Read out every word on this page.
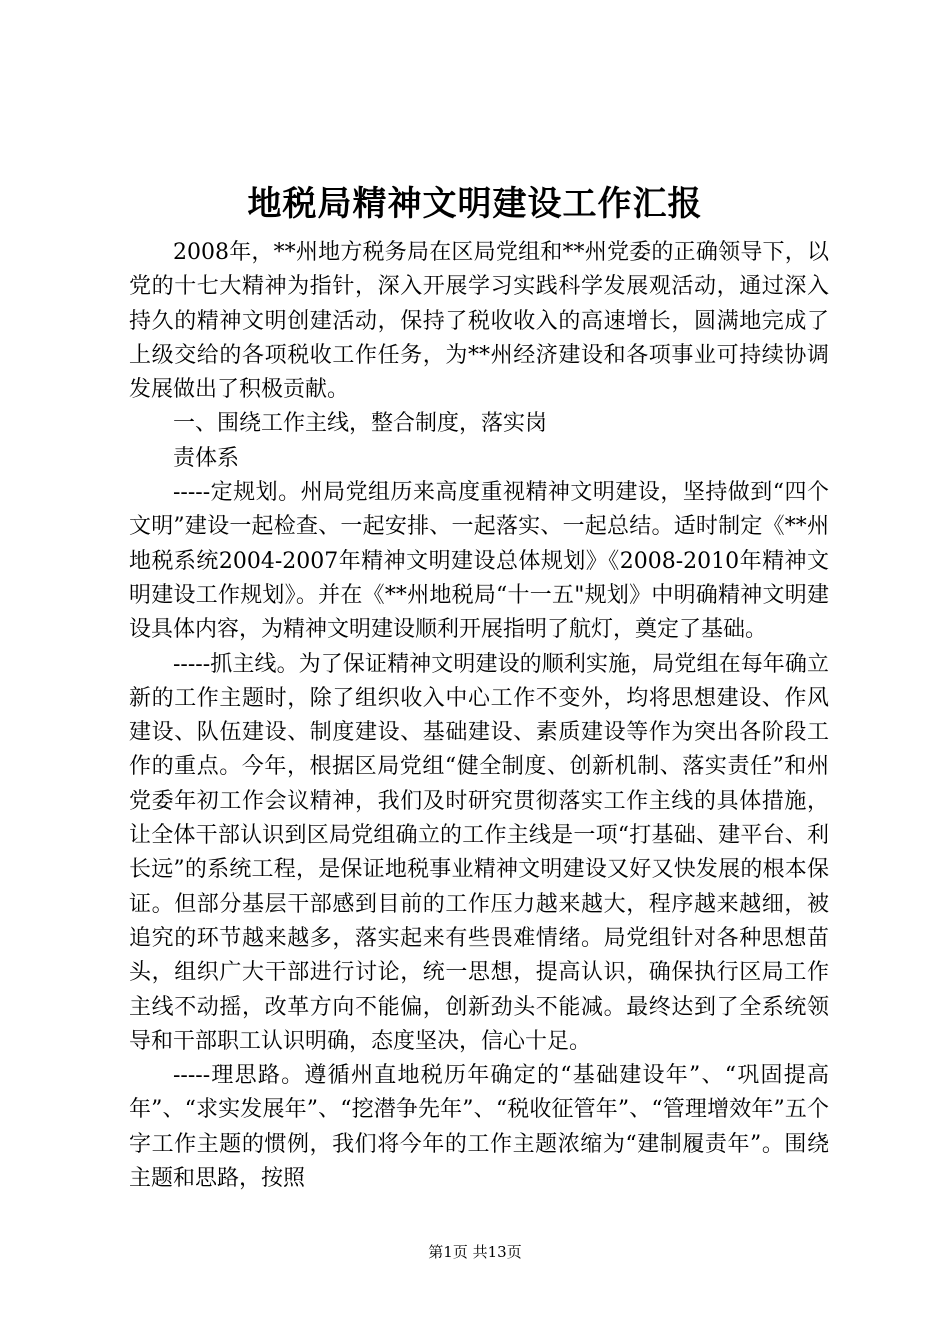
地税局精神文明建设工作汇报

2008年，**州地方税务局在区局党组和**州党委的正确领导下，以党的十七大精神为指针，深入开展学习实践科学发展观活动，通过深入持久的精神文明创建活动，保持了税收收入的高速增长，圆满地完成了上级交给的各项税收工作任务，为**州经济建设和各项事业可持续协调发展做出了积极贡献。

一、围绕工作主线，整合制度，落实岗

责体系

-----定规划。州局党组历来高度重视精神文明建设，坚持做到“四个文明”建设一起检查、一起安排、一起落实、一起总结。适时制定《**州地税系统2004-2007年精神文明建设总体规划》《2008-2010年精神文明建设工作规划》。并在《**州地税局“十一五"规划》中明确精神文明建设具体内容，为精神文明建设顺利开展指明了航灯，奠定了基础。

-----抓主线。为了保证精神文明建设的顺利实施，局党组在每年确立新的工作主题时，除了组织收入中心工作不变外，均将思想建设、作风建设、队伍建设、制度建设、基础建设、素质建设等作为突出各阶段工作的重点。今年，根据区局党组“健全制度、创新机制、落实责任”和州党委年初工作会议精神，我们及时研究贯彻落实工作主线的具体措施，让全体干部认识到区局党组确立的工作主线是一项“打基础、建平台、利长远”的系统工程，是保证地税事业精神文明建设又好又快发展的根本保证。但部分基层干部感到目前的工作压力越来越大，程序越来越细，被追究的环节越来越多，落实起来有些畏难情绪。局党组针对各种思想苗头，组织广大干部进行讨论，统一思想，提高认识，确保执行区局工作主线不动摇，改革方向不能偏，创新劲头不能减。最终达到了全系统领导和干部职工认识明确，态度坚决，信心十足。

-----理思路。遵循州直地税历年确定的“基础建设年”、“巩固提高年”、“求实发展年”、“挖潜争先年”、“税收征管年”、“管理增效年”五个字工作主题的惯例，我们将今年的工作主题浓缩为“建制履责年”。围绕主题和思路，按照

第1页 共13页
